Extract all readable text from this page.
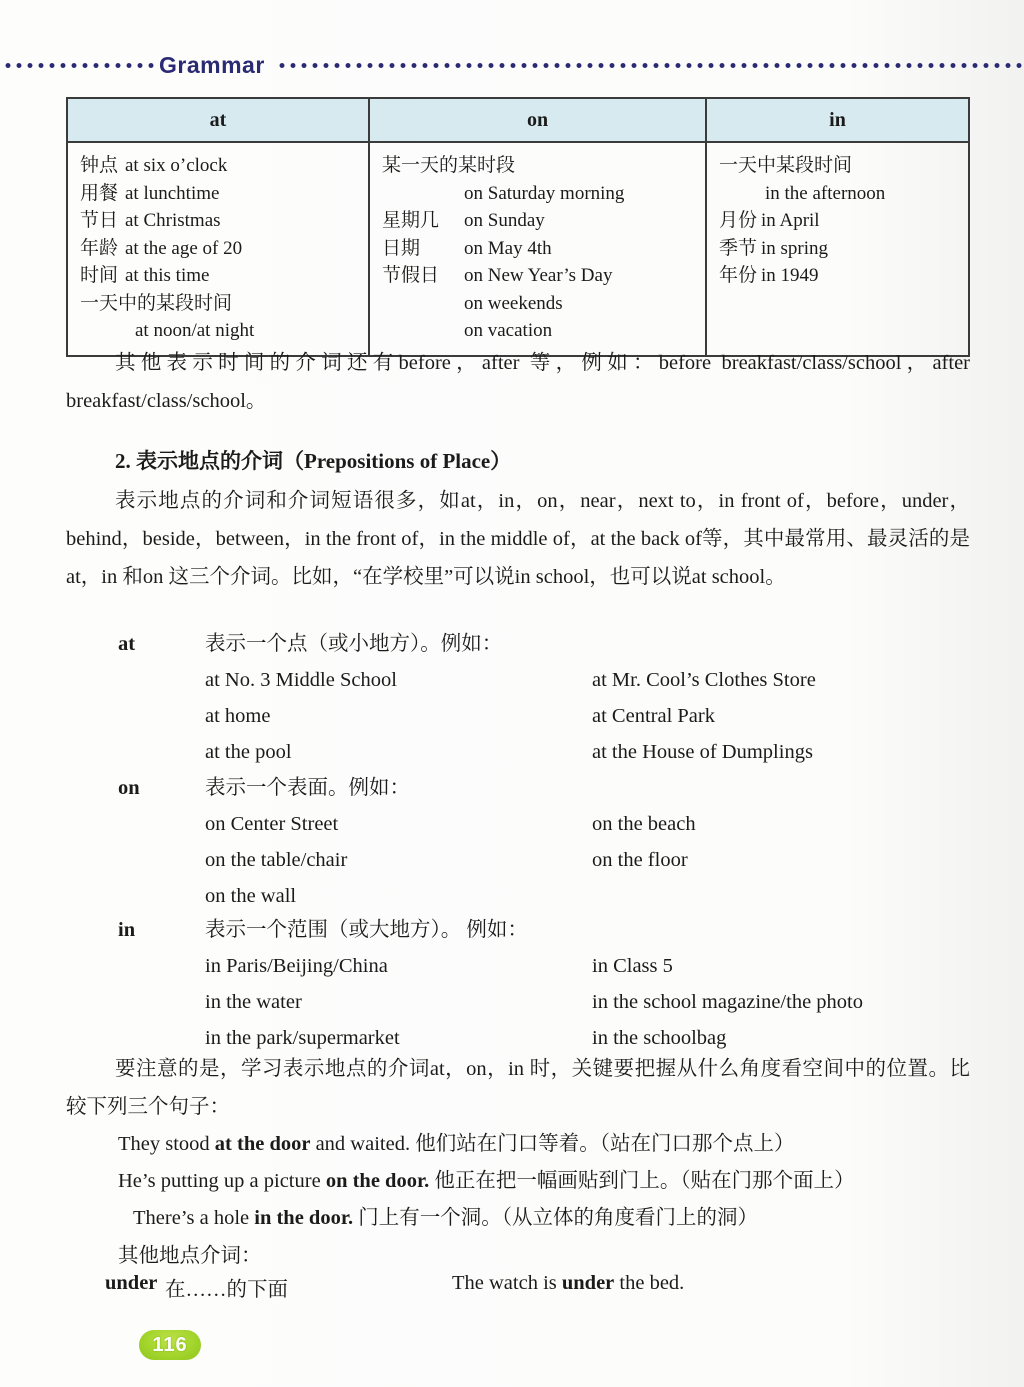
Grammar
at	on	in

钟点 at six o’clock
用餐 at lunchtime
节日 at Christmas
年龄 at the age of 20
时间 at this time
一天中的某段时间
at noon/at night

某一天的某时段
on Saturday morning
星期几 on Sunday
日期 on May 4th
节假日 on New Year’s Day
on weekends
on vacation

一天中某段时间
in the afternoon
月份 in April
季节 in spring
年份 in 1949
其他表示时间的介词还有before，after 等，例如：before breakfast/class/school，after breakfast/class/school。
2. 表示地点的介词（Prepositions of Place）
表示地点的介词和介词短语很多，如at，in，on，near，next to，in front of，before，under，behind，beside，between，in the front of，in the middle of，at the back of等，其中最常用、最灵活的是at，in 和on 这三个介词。比如，“在学校里”可以说in school，也可以说at school。
at	表示一个点（或小地方）。例如：
at No. 3 Middle School	at Mr. Cool’s Clothes Store
at home	at Central Park
at the pool	at the House of Dumplings
on	表示一个表面。例如：
on Center Street	on the beach
on the table/chair	on the floor
on the wall
in	表示一个范围（或大地方）。 例如：
in Paris/Beijing/China	in Class 5
in the water	in the school magazine/the photo
in the park/supermarket	in the schoolbag
要注意的是，学习表示地点的介词at，on，in 时，关键要把握从什么角度看空间中的位置。比较下列三个句子：
They stood at the door and waited. 他们站在门口等着。（站在门口那个点上）
He’s putting up a picture on the door. 他正在把一幅画贴到门上。（贴在门那个面上）
There’s a hole in the door. 门上有一个洞。（从立体的角度看门上的洞）
其他地点介词：
under 在……的下面	The watch is under the bed.
116
